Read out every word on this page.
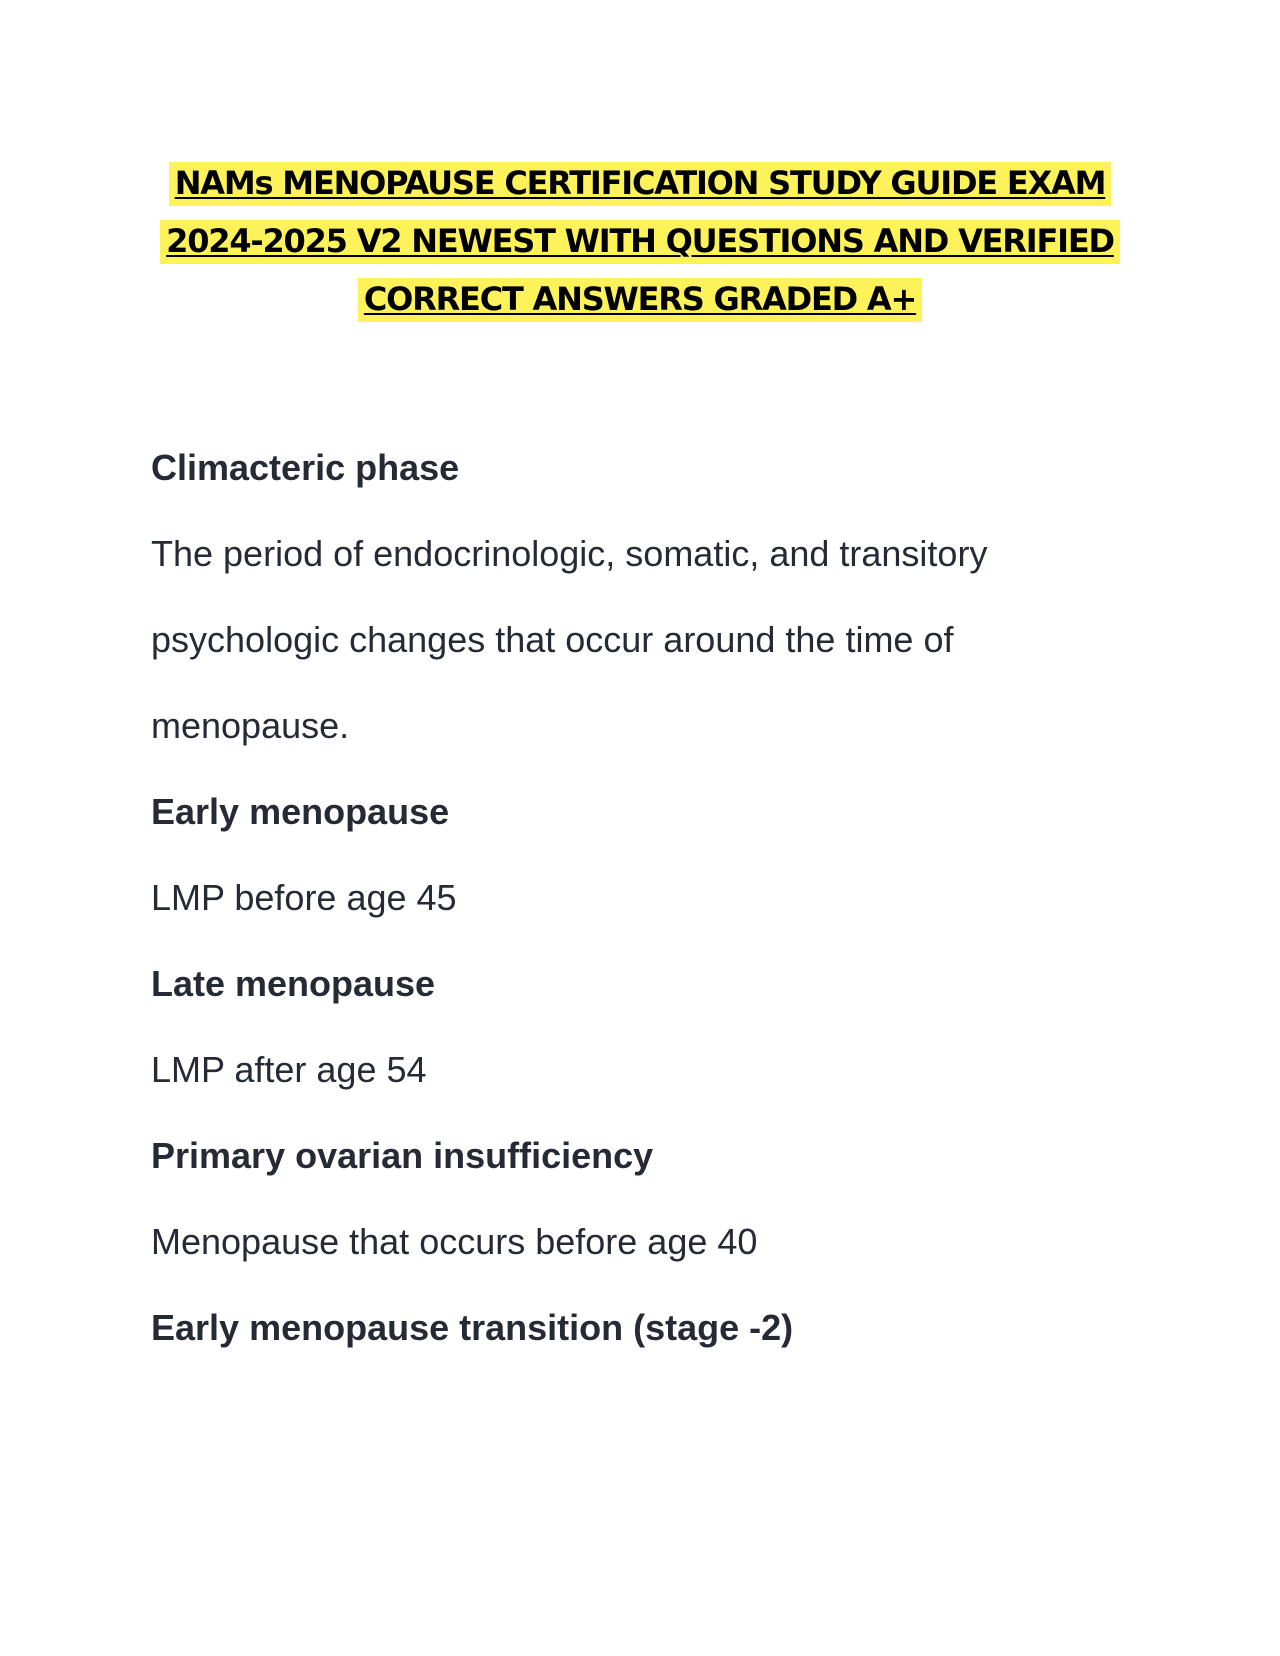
NAMs MENOPAUSE CERTIFICATION STUDY GUIDE EXAM
2024-2025 V2 NEWEST WITH QUESTIONS AND VERIFIED
CORRECT ANSWERS GRADED A+

Climacteric phase

The period of endocrinologic, somatic, and transitory
psychologic changes that occur around the time of
menopause.

Early menopause

LMP before age 45

Late menopause

LMP after age 54

Primary ovarian insufficiency

Menopause that occurs before age 40

Early menopause transition (stage -2)
